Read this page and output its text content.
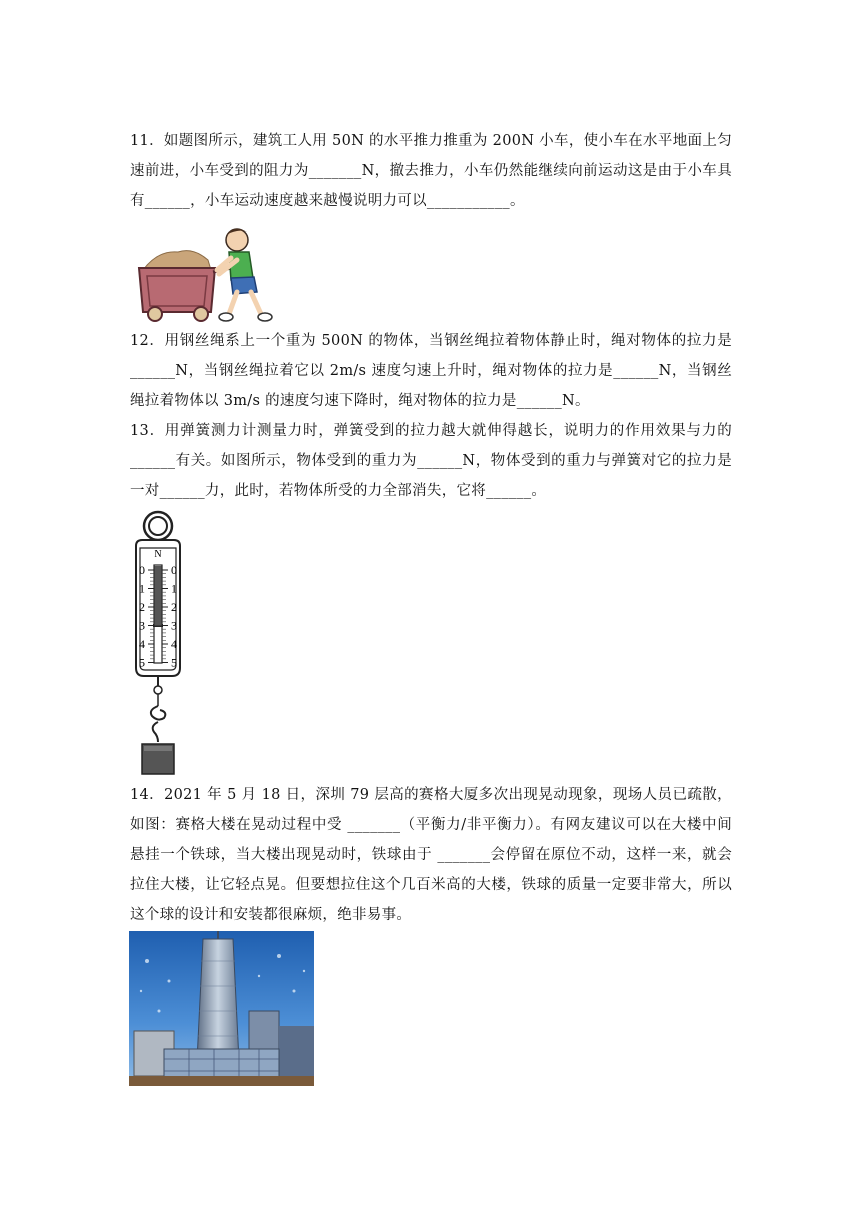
11．如题图所示，建筑工人用 50N 的水平推力推重为 200N 小车，使小车在水平地面上匀速前进，小车受到的阻力为_______N，撤去推力，小车仍然能继续向前运动这是由于小车具有______，小车运动速度越来越慢说明力可以___________。
12．用钢丝绳系上一个重为 500N 的物体，当钢丝绳拉着物体静止时，绳对物体的拉力是______N，当钢丝绳拉着它以 2m/s 速度匀速上升时，绳对物体的拉力是______N，当钢丝绳拉着物体以 3m/s 的速度匀速下降时，绳对物体的拉力是______N。
13．用弹簧测力计测量力时，弹簧受到的拉力越大就伸得越长，说明力的作用效果与力的______有关。如图所示，物体受到的重力为______N，物体受到的重力与弹簧对它的拉力是一对______力，此时，若物体所受的力全部消失，它将______。
N
0 0
1 1
2 2
3 3
4 4
5 5
14．2021 年 5 月 18 日，深圳 79 层高的赛格大厦多次出现晃动现象，现场人员已疏散，如图：赛格大楼在晃动过程中受 _______（平衡力/非平衡力）。有网友建议可以在大楼中间悬挂一个铁球，当大楼出现晃动时，铁球由于 _______会停留在原位不动，这样一来，就会拉住大楼，让它轻点晃。但要想拉住这个几百米高的大楼，铁球的质量一定要非常大，所以这个球的设计和安装都很麻烦，绝非易事。
